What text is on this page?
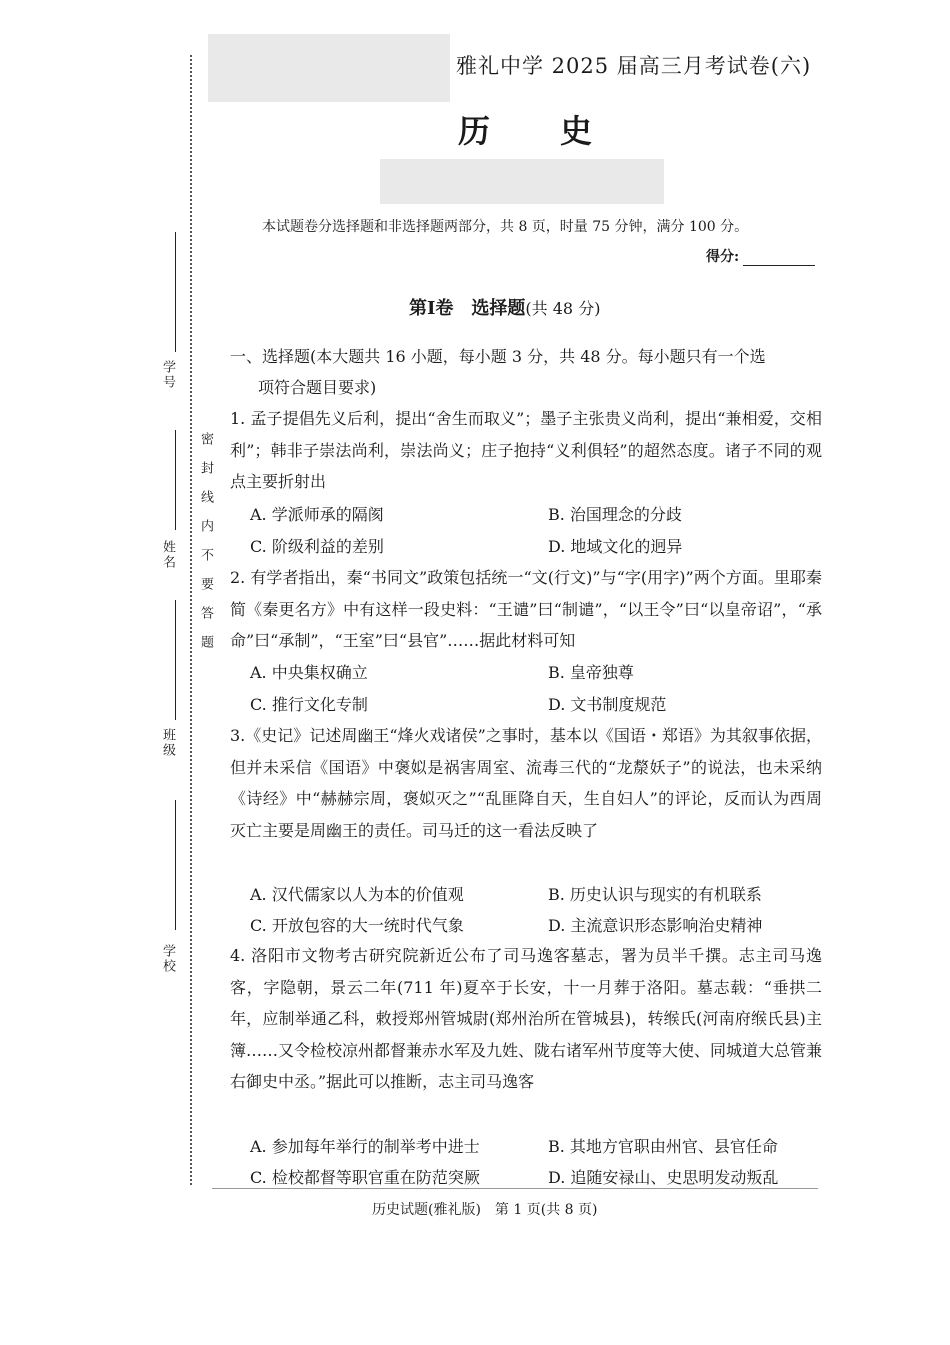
学号
姓名
班级
学校
密封线内不要答题
雅礼中学 2025 届高三月考试卷(六)
历史
本试题卷分选择题和非选择题两部分，共 8 页，时量 75 分钟，满分 100 分。
得分:
第Ⅰ卷　选择题(共 48 分)
一、选择题(本大题共 16 小题，每小题 3 分，共 48 分。每小题只有一个选
项符合题目要求)
1. 孟子提倡先义后利，提出“舍生而取义”；墨子主张贵义尚利，提出“兼相爱，交相利”；韩非子崇法尚利，崇法尚义；庄子抱持“义利俱轻”的超然态度。诸子不同的观点主要折射出
A. 学派师承的隔阂	B. 治国理念的分歧
C. 阶级利益的差别	D. 地域文化的迥异
2. 有学者指出，秦“书同文”政策包括统一“文(行文)”与“字(用字)”两个方面。里耶秦简《秦更名方》中有这样一段史料：“王谴”曰“制谴”，“以王令”曰“以皇帝诏”，“承命”曰“承制”，“王室”曰“县官”……据此材料可知
A. 中央集权确立	B. 皇帝独尊
C. 推行文化专制	D. 文书制度规范
3.《史记》记述周幽王“烽火戏诸侯”之事时，基本以《国语・郑语》为其叙事依据，但并未采信《国语》中褒姒是祸害周室、流毒三代的“龙漦妖子”的说法，也未采纳《诗经》中“赫赫宗周，褒姒灭之”“乱匪降自天，生自妇人”的评论，反而认为西周灭亡主要是周幽王的责任。司马迁的这一看法反映了
A. 汉代儒家以人为本的价值观	B. 历史认识与现实的有机联系
C. 开放包容的大一统时代气象	D. 主流意识形态影响治史精神
4. 洛阳市文物考古研究院新近公布了司马逸客墓志，署为员半千撰。志主司马逸客，字隐朝，景云二年(711 年)夏卒于长安，十一月葬于洛阳。墓志载：“垂拱二年，应制举通乙科，敕授郑州管城尉(郑州治所在管城县)，转缑氏(河南府缑氏县)主簿……又令检校凉州都督兼赤水军及九姓、陇右诸军州节度等大使、同城道大总管兼右御史中丞。”据此可以推断，志主司马逸客
A. 参加每年举行的制举考中进士	B. 其地方官职由州官、县官任命
C. 检校都督等职官重在防范突厥	D. 追随安禄山、史思明发动叛乱
历史试题(雅礼版)　第 1 页(共 8 页)
